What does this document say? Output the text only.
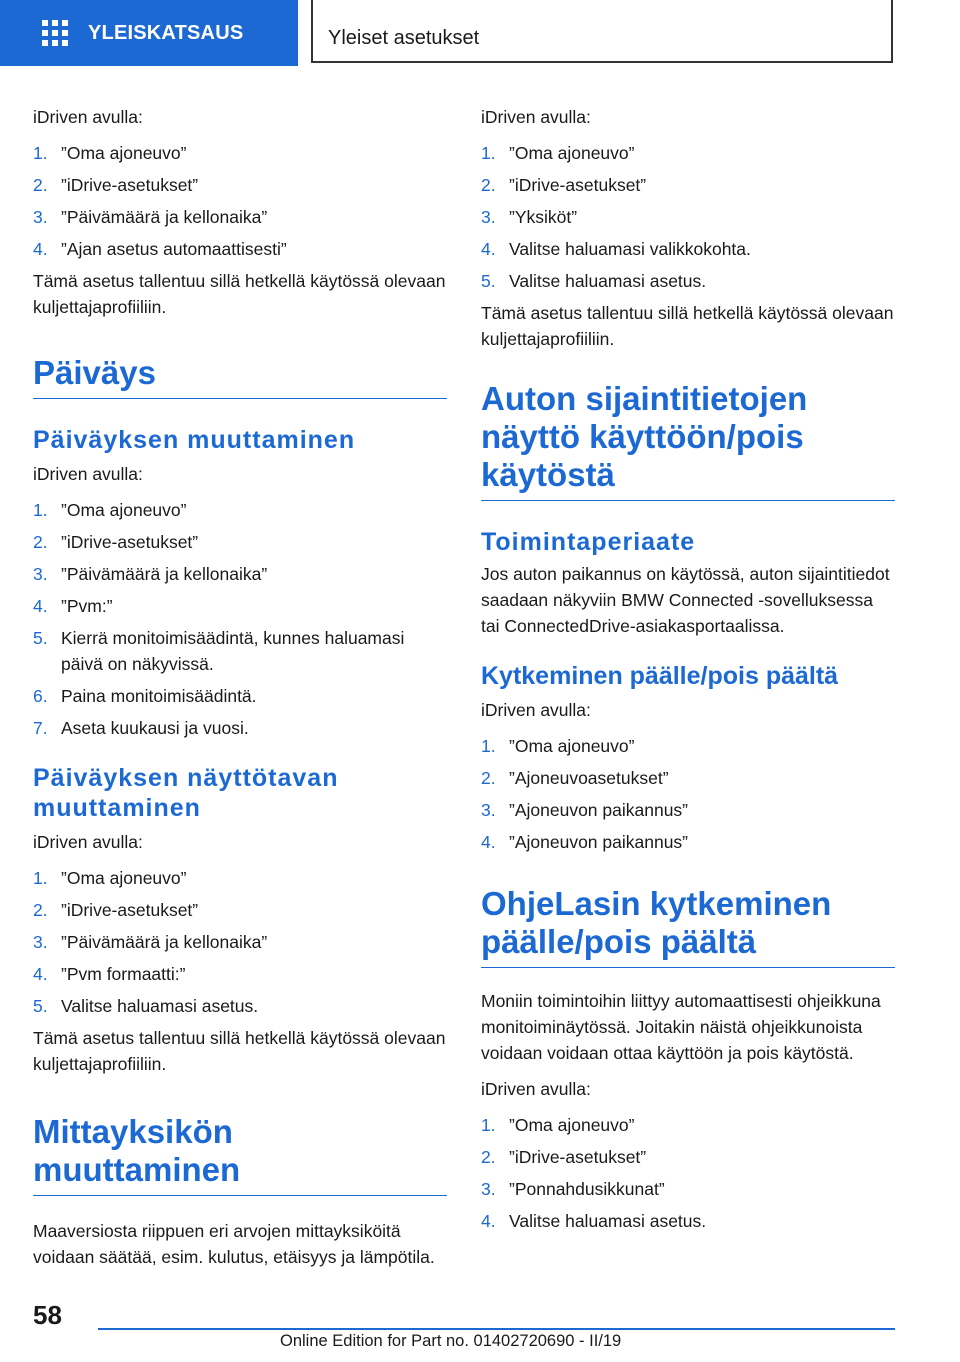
YLEISKATSAUS	Yleiset asetukset

iDriven avulla:

1. ”Oma ajoneuvo”
2. ”iDrive-asetukset”
3. ”Päivämäärä ja kellonaika”
4. ”Ajan asetus automaattisesti”

Tämä asetus tallentuu sillä hetkellä käytössä olevaan kuljettajaprofiiliin.

Päiväys
Päiväyksen muuttaminen

iDriven avulla:

1. ”Oma ajoneuvo”
2. ”iDrive-asetukset”
3. ”Päivämäärä ja kellonaika”
4. ”Pvm:”
5. Kierrä monitoimisäädintä, kunnes haluamasi päivä on näkyvissä.
6. Paina monitoimisäädintä.
7. Aseta kuukausi ja vuosi.
Päiväyksen näyttötavan muuttaminen

iDriven avulla:

1. ”Oma ajoneuvo”
2. ”iDrive-asetukset”
3. ”Päivämäärä ja kellonaika”
4. ”Pvm formaatti:”
5. Valitse haluamasi asetus.

Tämä asetus tallentuu sillä hetkellä käytössä olevaan kuljettajaprofiiliin.

Mittayksikön muuttaminen

Maaversiosta riippuen eri arvojen mittayksiköitä voidaan säätää, esim. kulutus, etäisyys ja lämpötila.

iDriven avulla:

1. ”Oma ajoneuvo”
2. ”iDrive-asetukset”
3. ”Yksiköt”
4. Valitse haluamasi valikkokohta.
5. Valitse haluamasi asetus.

Tämä asetus tallentuu sillä hetkellä käytössä olevaan kuljettajaprofiiliin.

Auton sijaintitietojen näyttö käyttöön/pois käytöstä
Toimintaperiaate

Jos auton paikannus on käytössä, auton sijaintitiedot saadaan näkyviin BMW Connected -sovelluksessa tai ConnectedDrive-asiakasportaalissa.

Kytkeminen päälle/pois päältä

iDriven avulla:

1. ”Oma ajoneuvo”
2. ”Ajoneuvoasetukset”
3. ”Ajoneuvon paikannus”
4. ”Ajoneuvon paikannus”
OhjeLasin kytkeminen päälle/pois päältä

Moniin toimintoihin liittyy automaattisesti ohjeikkuna monitoiminäytössä. Joitakin näistä ohjeikkunoista voidaan voidaan ottaa käyttöön ja pois käytöstä.

iDriven avulla:

1. ”Oma ajoneuvo”
2. ”iDrive-asetukset”
3. ”Ponnahdusikkunat”
4. Valitse haluamasi asetus.
58
Online Edition for Part no. 01402720690 - II/19
